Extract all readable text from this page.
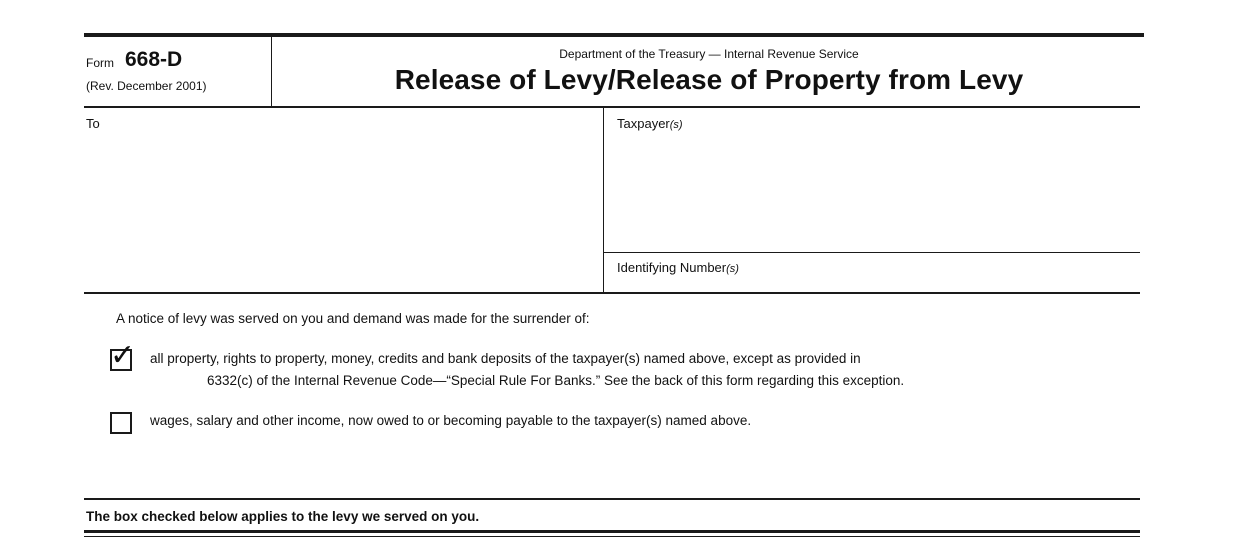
Form 668-D
(Rev. December 2001)
Department of the Treasury — Internal Revenue Service
Release of Levy/Release of Property from Levy
To	Taxpayer(s)
Identifying Number(s)
A notice of levy was served on you and demand was made for the surrender of:
✓ all property, rights to property, money, credits and bank deposits of the taxpayer(s) named above, except as provided in
6332(c) of the Internal Revenue Code—“Special Rule For Banks.” See the back of this form regarding this exception.
wages, salary and other income, now owed to or becoming payable to the taxpayer(s) named above.
The box checked below applies to the levy we served on you.
